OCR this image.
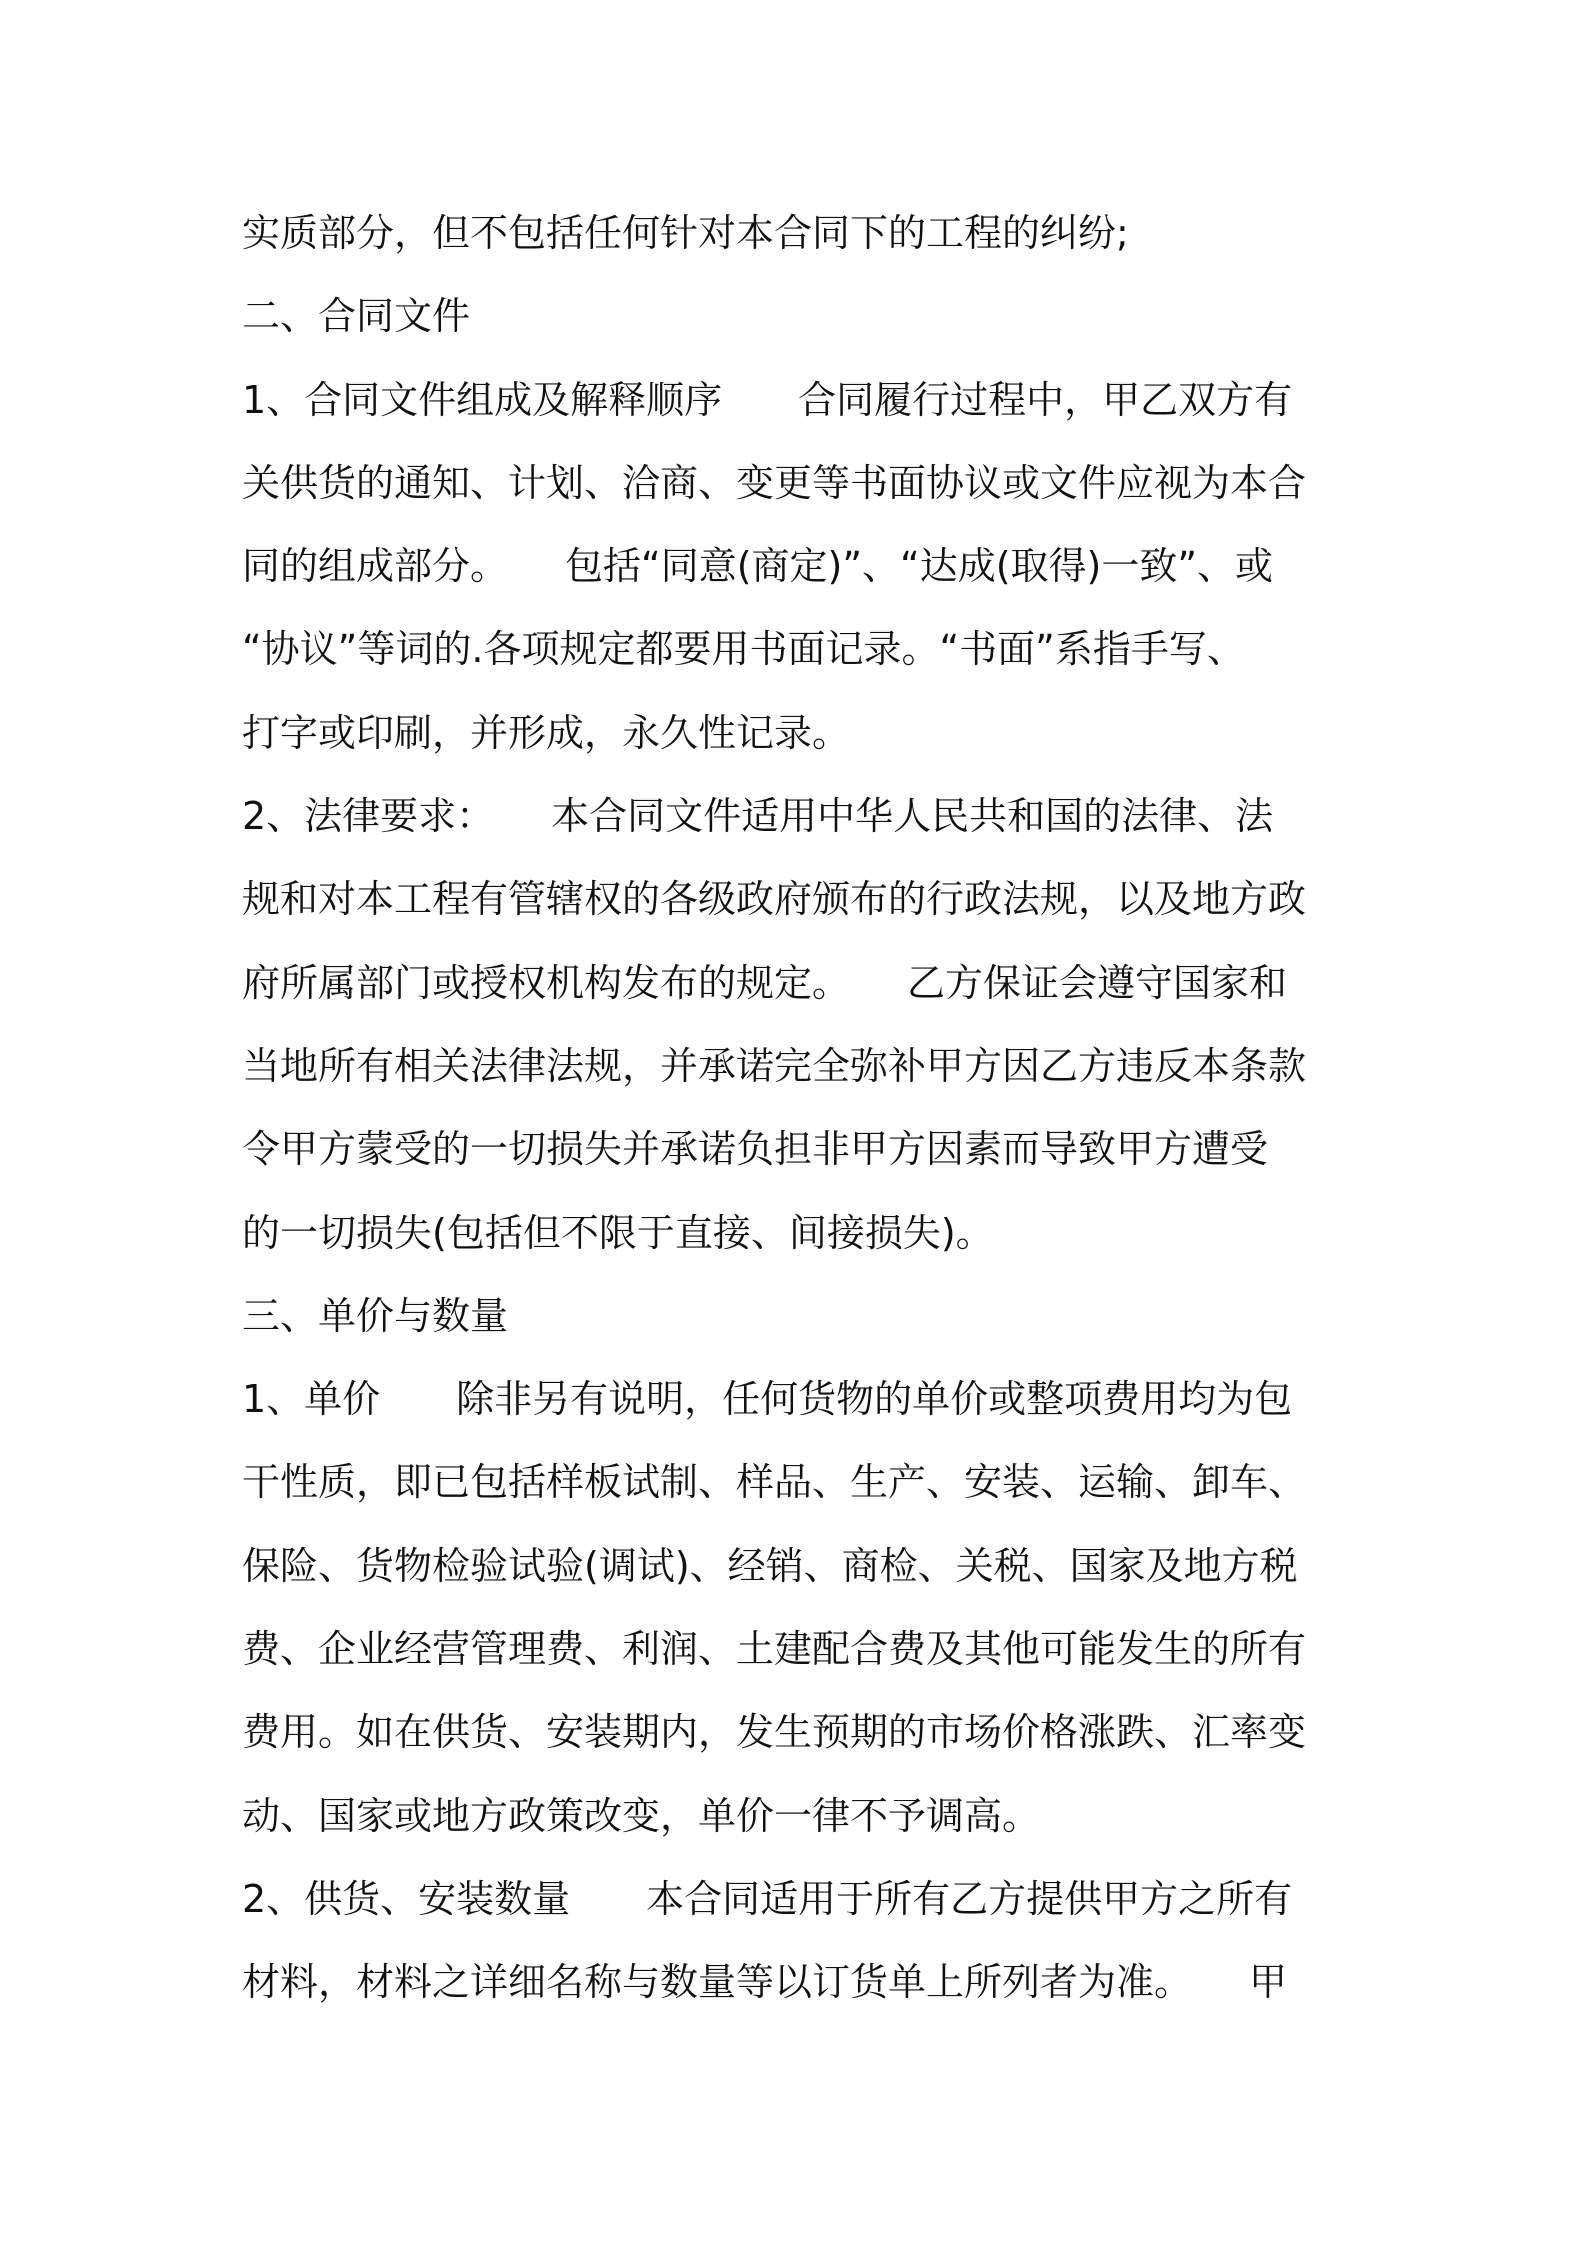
实质部分，但不包括任何针对本合同下的工程的纠纷;
二、合同文件
1、合同文件组成及解释顺序　　合同履行过程中，甲乙双方有
关供货的通知、计划、洽商、变更等书面协议或文件应视为本合
同的组成部分。　　包括“同意(商定)”、“达成(取得)一致”、或
“协议”等词的.各项规定都要用书面记录。“书面”系指手写、
打字或印刷，并形成，永久性记录。
2、法律要求：　　本合同文件适用中华人民共和国的法律、法
规和对本工程有管辖权的各级政府颁布的行政法规，以及地方政
府所属部门或授权机构发布的规定。　　乙方保证会遵守国家和
当地所有相关法律法规，并承诺完全弥补甲方因乙方违反本条款
令甲方蒙受的一切损失并承诺负担非甲方因素而导致甲方遭受
的一切损失(包括但不限于直接、间接损失)。
三、单价与数量
1、单价　　除非另有说明，任何货物的单价或整项费用均为包
干性质，即已包括样板试制、样品、生产、安装、运输、卸车、
保险、货物检验试验(调试)、经销、商检、关税、国家及地方税
费、企业经营管理费、利润、土建配合费及其他可能发生的所有
费用。如在供货、安装期内，发生预期的市场价格涨跌、汇率变
动、国家或地方政策改变，单价一律不予调高。
2、供货、安装数量　　本合同适用于所有乙方提供甲方之所有
材料，材料之详细名称与数量等以订货单上所列者为准。　　甲
